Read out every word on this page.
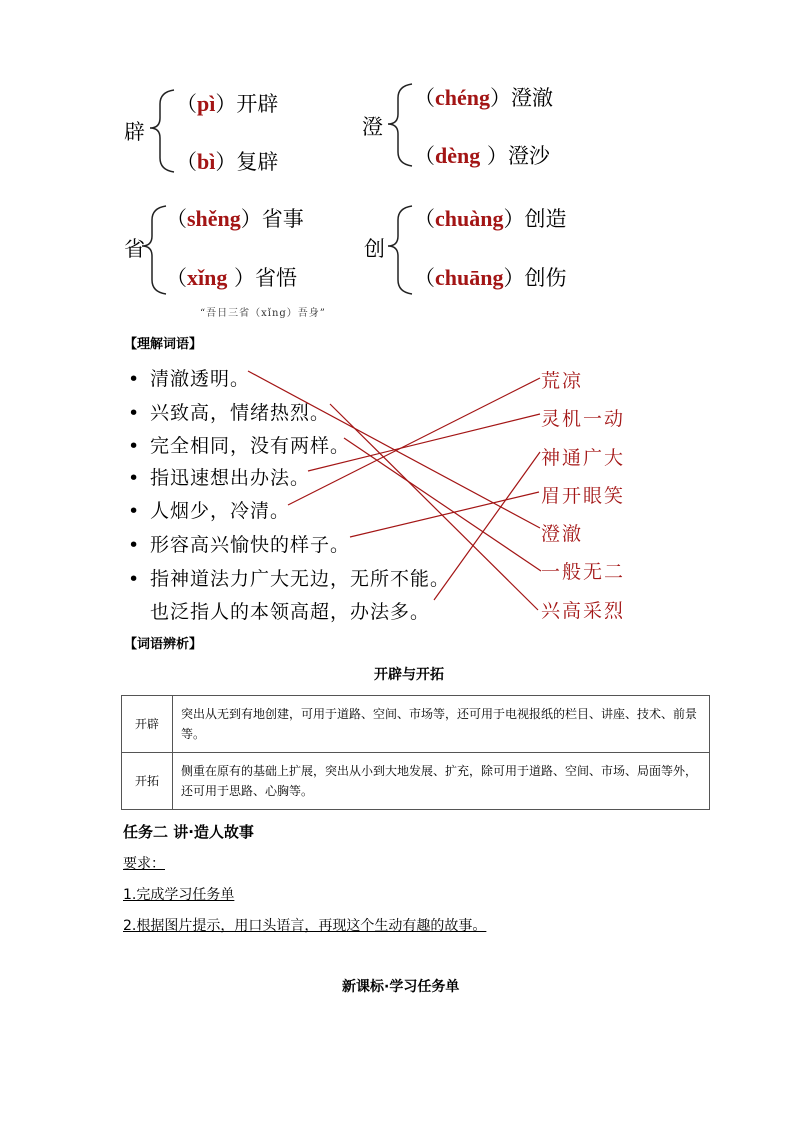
辟
（pì）开辟
（bì）复辟
澄
（chéng）澄澈
（dèng ）澄沙
省
（shěng）省事
（xǐng ）省悟
“吾日三省（xǐng）吾身”
创
（chuàng）创造
（chuāng）创伤
【理解词语】
• 清澈透明。
• 兴致高，情绪热烈。
• 完全相同，没有两样。
• 指迅速想出办法。
• 人烟少，冷清。
• 形容高兴愉快的样子。
• 指神道法力广大无边，无所不能。
也泛指人的本领高超，办法多。
荒凉
灵机一动
神通广大
眉开眼笑
澄澈
一般无二
兴高采烈
【词语辨析】
开辟与开拓
开辟	突出从无到有地创建，可用于道路、空间、市场等，还可用于电视报纸的栏目、讲座、技术、前景等。
开拓	侧重在原有的基础上扩展，突出从小到大地发展、扩充，除可用于道路、空间、市场、局面等外，还可用于思路、心胸等。
任务二 讲·造人故事
要求：
1.完成学习任务单
2.根据图片提示，用口头语言，再现这个生动有趣的故事。
新课标·学习任务单
